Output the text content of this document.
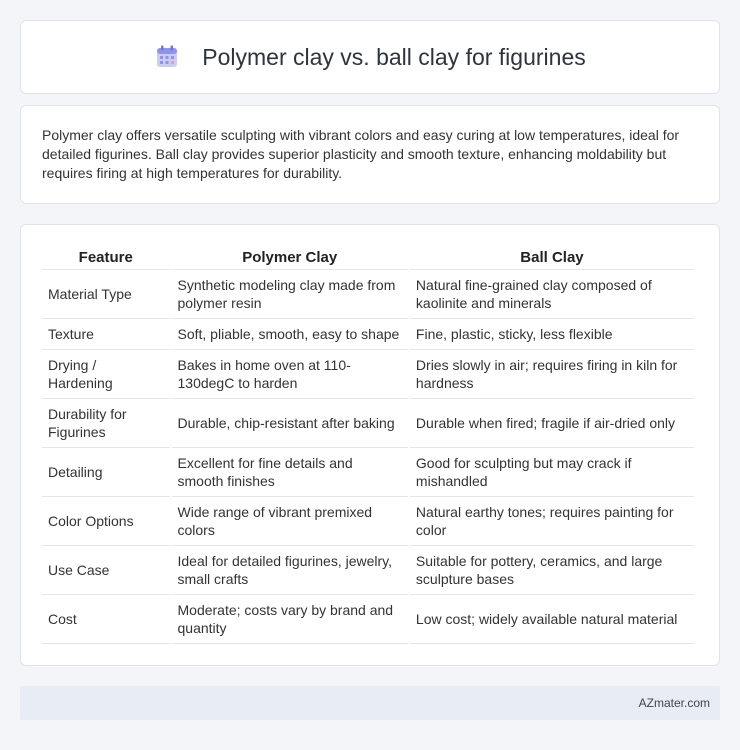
Polymer clay vs. ball clay for figurines

Polymer clay offers versatile sculpting with vibrant colors and easy curing at low temperatures, ideal for detailed figurines. Ball clay provides superior plasticity and smooth texture, enhancing moldability but requires firing at high temperatures for durability.

Feature	Polymer Clay	Ball Clay
Material Type	Synthetic modeling clay made from polymer resin	Natural fine-grained clay composed of kaolinite and minerals
Texture	Soft, pliable, smooth, easy to shape	Fine, plastic, sticky, less flexible
Drying / Hardening	Bakes in home oven at 110-130degC to harden	Dries slowly in air; requires firing in kiln for hardness
Durability for Figurines	Durable, chip-resistant after baking	Durable when fired; fragile if air-dried only
Detailing	Excellent for fine details and smooth finishes	Good for sculpting but may crack if mishandled
Color Options	Wide range of vibrant premixed colors	Natural earthy tones; requires painting for color
Use Case	Ideal for detailed figurines, jewelry, small crafts	Suitable for pottery, ceramics, and large sculpture bases
Cost	Moderate; costs vary by brand and quantity	Low cost; widely available natural material
AZmater.com
